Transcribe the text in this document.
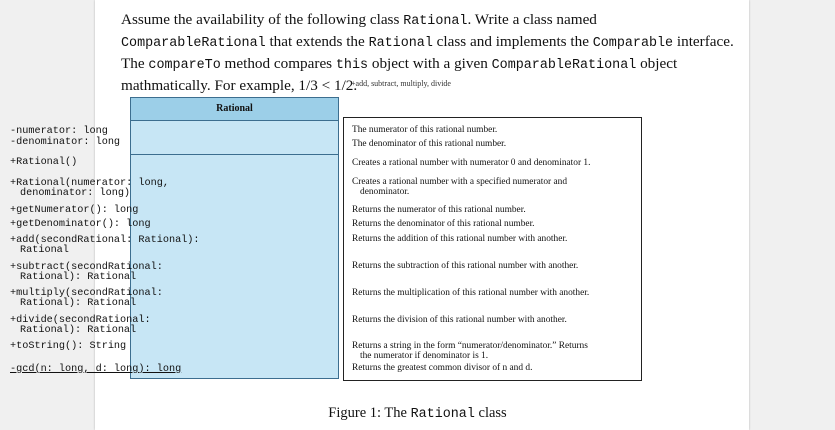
Assume the availability of the following class Rational. Write a class named ComparableRational that extends the Rational class and implements the Comparable interface. The compareTo method compares this object with a given ComparableRational object mathmatically. For example, 1/3 < 1/2.

+add, subtract, multiply, divide
Rational
-numerator: long
-denominator: long
+Rational()
+Rational(numerator: long,
denominator: long)
+getNumerator(): long
+getDenominator(): long
+add(secondRational: Rational):
Rational
+subtract(secondRational:
Rational): Rational
+multiply(secondRational:
Rational): Rational
+divide(secondRational:
Rational): Rational
+toString(): String
-gcd(n: long, d: long): long
The numerator of this rational number.
The denominator of this rational number.
Creates a rational number with numerator 0 and denominator 1.
Creates a rational number with a specified numerator and
denominator.
Returns the numerator of this rational number.
Returns the denominator of this rational number.
Returns the addition of this rational number with another.
Returns the subtraction of this rational number with another.
Returns the multiplication of this rational number with another.
Returns the division of this rational number with another.
Returns a string in the form “numerator/denominator.” Returns
the numerator if denominator is 1.
Returns the greatest common divisor of n and d.
Figure 1: The Rational class
